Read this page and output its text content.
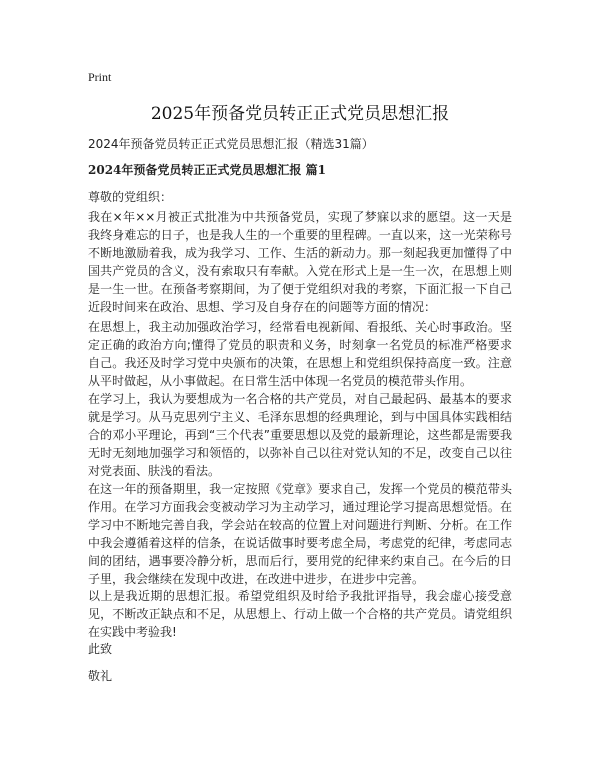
Print
2025年预备党员转正正式党员思想汇报

2024年预备党员转正正式党员思想汇报（精选31篇）

2024年预备党员转正正式党员思想汇报 篇1

尊敬的党组织：

我在×年××月被正式批准为中共预备党员，实现了梦寐以求的愿望。这一天是我终身难忘的日子，也是我人生的一个重要的里程碑。一直以来，这一光荣称号不断地激励着我，成为我学习、工作、生活的新动力。那一刻起我更加懂得了中国共产党员的含义，没有索取只有奉献。入党在形式上是一生一次，在思想上则是一生一世。在预备考察期间，为了便于党组织对我的考察，下面汇报一下自己近段时间来在政治、思想、学习及自身存在的问题等方面的情况：

在思想上，我主动加强政治学习，经常看电视新闻、看报纸、关心时事政治。坚定正确的政治方向;懂得了党员的职责和义务，时刻拿一名党员的标准严格要求自己。我还及时学习党中央颁布的决策，在思想上和党组织保持高度一致。注意从平时做起，从小事做起。在日常生活中体现一名党员的模范带头作用。

在学习上，我认为要想成为一名合格的共产党员，对自己最起码、最基本的要求就是学习。从马克思列宁主义、毛泽东思想的经典理论，到与中国具体实践相结合的邓小平理论，再到“三个代表”重要思想以及党的最新理论，这些都是需要我无时无刻地加强学习和领悟的，以弥补自己以往对党认知的不足，改变自己以往对党表面、肤浅的看法。

在这一年的预备期里，我一定按照《党章》要求自己，发挥一个党员的模范带头作用。在学习方面我会变被动学习为主动学习，通过理论学习提高思想觉悟。在学习中不断地完善自我，学会站在较高的位置上对问题进行判断、分析。在工作中我会遵循着这样的信条，在说话做事时要考虑全局，考虑党的纪律，考虑同志间的团结，遇事要冷静分析，思而后行，要用党的纪律来约束自己。在今后的日子里，我会继续在发现中改进，在改进中进步，在进步中完善。

以上是我近期的思想汇报。希望党组织及时给予我批评指导，我会虚心接受意见，不断改正缺点和不足，从思想上、行动上做一个合格的共产党员。请党组织在实践中考验我!

此致

敬礼
